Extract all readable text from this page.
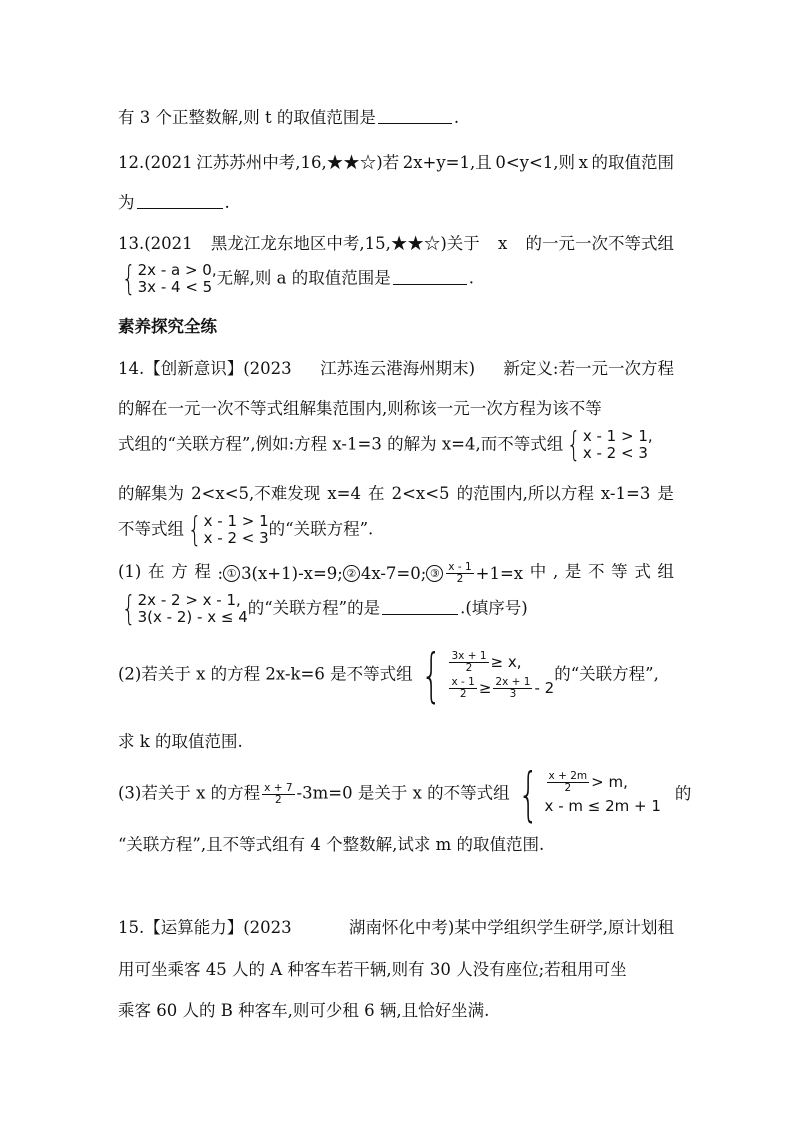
有 3 个正整数解,则 t 的取值范围是	.
12.(2021 江苏苏州中考,16,★★☆)若 2x+y=1,且 0<y<1,则 x 的取值范围
为	.
13.(2021 黑龙江龙东地区中考,15,★★☆)关于 x 的一元一次不等式组
{ 2x - a > 0,
3x - 4 < 5 无解,则 a 的取值范围是	.
素养探究全练
14.【创新意识】(2023 江苏连云港海州期末) 新定义:若一元一次方程
的解在一元一次不等式组解集范围内,则称该一元一次方程为该不等
式组的“关联方程”,例如:方程 x-1=3 的解为 x=4,而不等式组 { x - 1 > 1,
x - 2 < 3
的解集为 2<x<5,不难发现 x=4 在 2<x<5 的范围内,所以方程 x-1=3 是
不等式组 { x - 1 > 1
x - 2 < 3 的“关联方程”.
(1) 在 方 程 : ① 3(x+1)-x=9; ② 4x-7=0; ③ $\frac{x - 1}{2} +1=x$ 中 , 是 不 等 式 组
{ 2x - 2 > x - 1,
3(x - 2) - x ≤ 4 的“关联方程”的是	.(填序号)
(2)若关于 x 的方程 2x-k=6 是不等式组 { $\frac{3x + 1}{2} \ge x$,
$\frac{x - 1}{2} \ge \frac{2x + 1}{3} - 2$
的“关联方程”,
求 k 的取值范围.
(3)若关于 x 的方程 $\frac{x + 7}{2} -3m=0$ 是关于 x 的不等式组 { $\frac{x + 2m}{2} > m$,
x - m ≤ 2m + 1
的
“关联方程”,且不等式组有 4 个整数解,试求 m 的取值范围.
15.【运算能力】(2023	湖南怀化中考)某中学组织学生研学,原计划租
用可坐乘客 45 人的 A 种客车若干辆,则有 30 人没有座位;若租用可坐
乘客 60 人的 B 种客车,则可少租 6 辆,且恰好坐满.
